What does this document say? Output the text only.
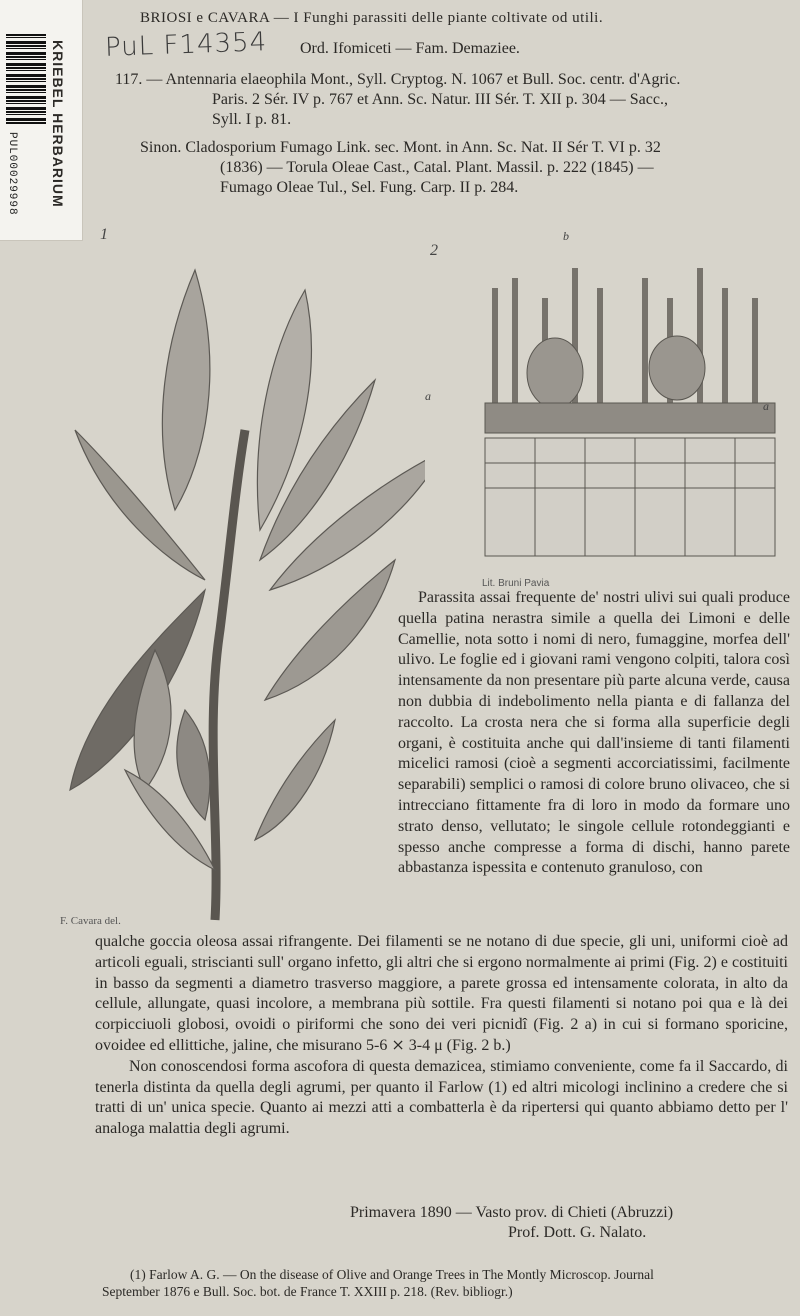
KRIEBEL HERBARIUM
PUL00029998
BRIOSI e CAVARA — I Funghi parassiti delle piante coltivate od utili.
PuL F14354 Ord. Ifomiceti — Fam. Demaziee.
117. — Antennaria elaeophila Mont., Syll. Cryptog. N. 1067 et Bull. Soc. centr. d'Agric.
Paris. 2 Sér. IV p. 767 et Ann. Sc. Natur. III Sér. T. XII p. 304 — Sacc.,
Syll. I p. 81.
Sinon. Cladosporium Fumago Link. sec. Mont. in Ann. Sc. Nat. II Sér T. VI p. 32
(1836) — Torula Oleae Cast., Catal. Plant. Massil. p. 222 (1845) —
Fumago Oleae Tul., Sel. Fung. Carp. II p. 284.
1
2
a
a
b
Lit. Bruni Pavia
F. Cavara del.

Parassita assai frequente de' nostri ulivi sui quali produce quella patina nerastra simile a quella dei Limoni e delle Camellie, nota sotto i nomi di nero, fumaggine, morfea dell' ulivo. Le foglie ed i giovani rami vengono colpiti, talora così intensamente da non presentare più parte alcuna verde, causa non dubbia di indebolimento nella pianta e di fallanza del raccolto. La crosta nera che si forma alla superficie degli organi, è costituita anche qui dall'insieme di tanti filamenti micelici ramosi (cioè a segmenti accorciatissimi, facilmente separabili) semplici o ramosi di colore bruno olivaceo, che si intrecciano fittamente fra di loro in modo da formare uno strato denso, vellutato; le singole cellule rotondeggianti e spesso anche compresse a forma di dischi, hanno parete abbastanza ispessita e contenuto granuloso, con

qualche goccia oleosa assai rifrangente. Dei filamenti se ne notano di due specie, gli uni, uniformi cioè ad articoli eguali, striscianti sull' organo infetto, gli altri che si ergono normalmente ai primi (Fig. 2) e costituiti in basso da segmenti a diametro trasverso maggiore, a parete grossa ed intensamente colorata, in alto da cellule, allungate, quasi incolore, a membrana più sottile. Fra questi filamenti si notano poi qua e là dei corpicciuoli globosi, ovoidi o piriformi che sono dei veri picnidî (Fig. 2 a) in cui si formano sporicine, ovoidee ed ellittiche, jaline, che misurano 5-6 ⨯ 3-4 μ (Fig. 2 b.)

Non conoscendosi forma ascofora di questa demazicea, stimiamo conveniente, come fa il Saccardo, di tenerla distinta da quella degli agrumi, per quanto il Farlow (1) ed altri micologi inclinino a credere che si tratti di un' unica specie. Quanto ai mezzi atti a combatterla è da ripertersi qui quanto abbiamo detto per l' analoga malattia degli agrumi.

Primavera 1890 — Vasto prov. di Chieti (Abruzzi)
Prof. Dott. G. Nalato.
(1) Farlow A. G. — On the disease of Olive and Orange Trees in The Montly Microscop. Journal
September 1876 e Bull. Soc. bot. de France T. XXIII p. 218. (Rev. bibliogr.)
